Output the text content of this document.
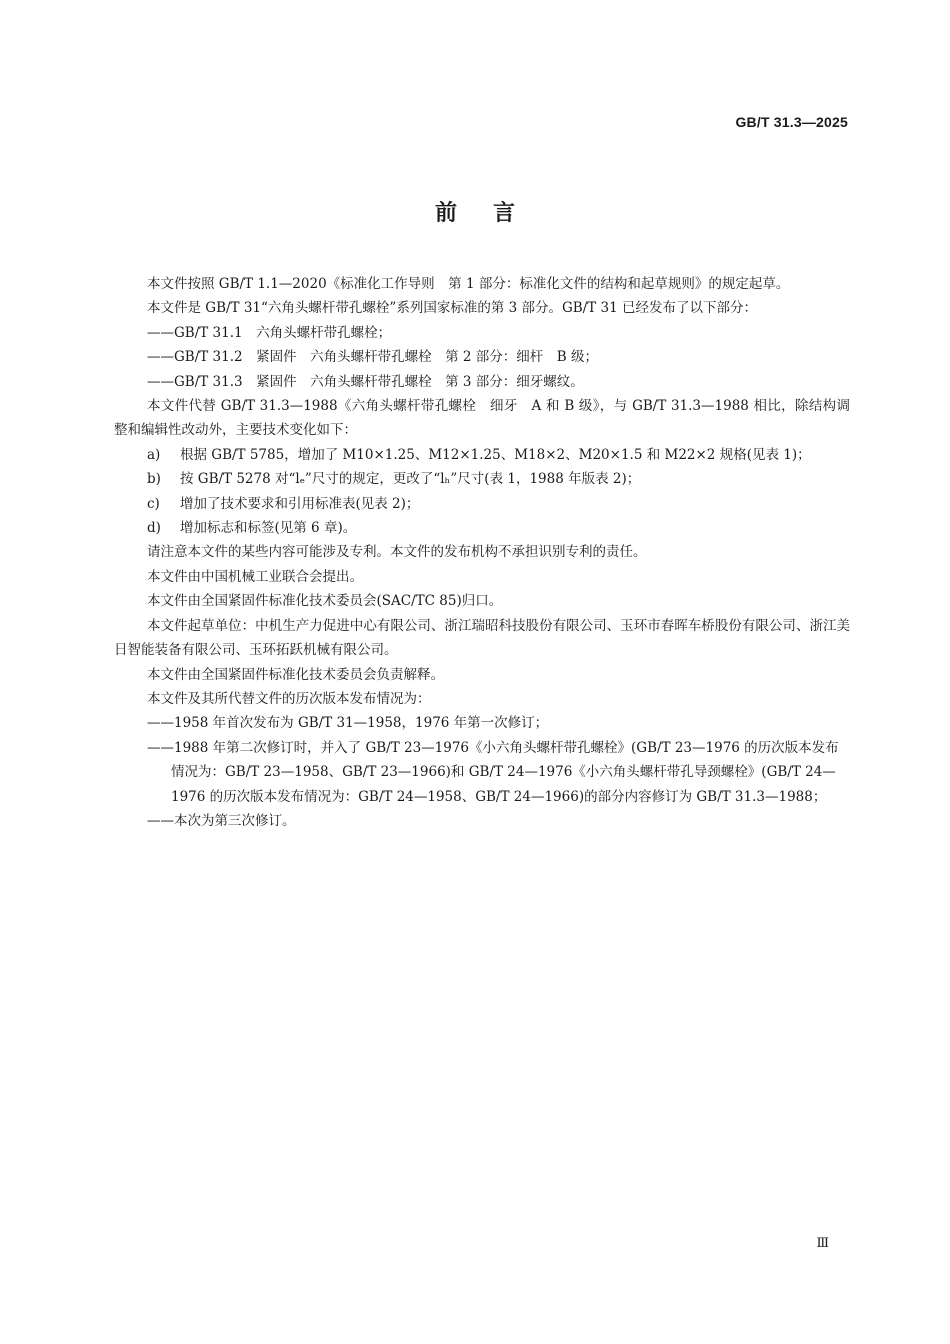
GB/T 31.3—2025
前言

本文件按照 GB/T 1.1—2020《标准化工作导则　第 1 部分：标准化文件的结构和起草规则》的规定起草。

本文件是 GB/T 31“六角头螺杆带孔螺栓”系列国家标准的第 3 部分。GB/T 31 已经发布了以下部分：

——GB/T 31.1　六角头螺杆带孔螺栓；

——GB/T 31.2　紧固件　六角头螺杆带孔螺栓　第 2 部分：细杆　B 级；

——GB/T 31.3　紧固件　六角头螺杆带孔螺栓　第 3 部分：细牙螺纹。

本文件代替 GB/T 31.3—1988《六角头螺杆带孔螺栓　细牙　A 和 B 级》，与 GB/T 31.3—1988 相比，除结构调整和编辑性改动外，主要技术变化如下：

a) 根据 GB/T 5785，增加了 M10×1.25、M12×1.25、M18×2、M20×1.5 和 M22×2 规格(见表 1)；

b) 按 GB/T 5278 对“lₑ”尺寸的规定，更改了“lₕ”尺寸(表 1，1988 年版表 2)；

c) 增加了技术要求和引用标准表(见表 2)；

d) 增加标志和标签(见第 6 章)。

请注意本文件的某些内容可能涉及专利。本文件的发布机构不承担识别专利的责任。

本文件由中国机械工业联合会提出。

本文件由全国紧固件标准化技术委员会(SAC/TC 85)归口。

本文件起草单位：中机生产力促进中心有限公司、浙江瑞昭科技股份有限公司、玉环市春晖车桥股份有限公司、浙江美日智能装备有限公司、玉环拓跃机械有限公司。

本文件由全国紧固件标准化技术委员会负责解释。

本文件及其所代替文件的历次版本发布情况为：

——1958 年首次发布为 GB/T 31—1958，1976 年第一次修订；

——1988 年第二次修订时，并入了 GB/T 23—1976《小六角头螺杆带孔螺栓》(GB/T 23—1976 的历次版本发布情况为：GB/T 23—1958、GB/T 23—1966)和 GB/T 24—1976《小六角头螺杆带孔导颈螺栓》(GB/T 24—1976 的历次版本发布情况为：GB/T 24—1958、GB/T 24—1966)的部分内容修订为 GB/T 31.3—1988；

——本次为第三次修订。

Ⅲ
